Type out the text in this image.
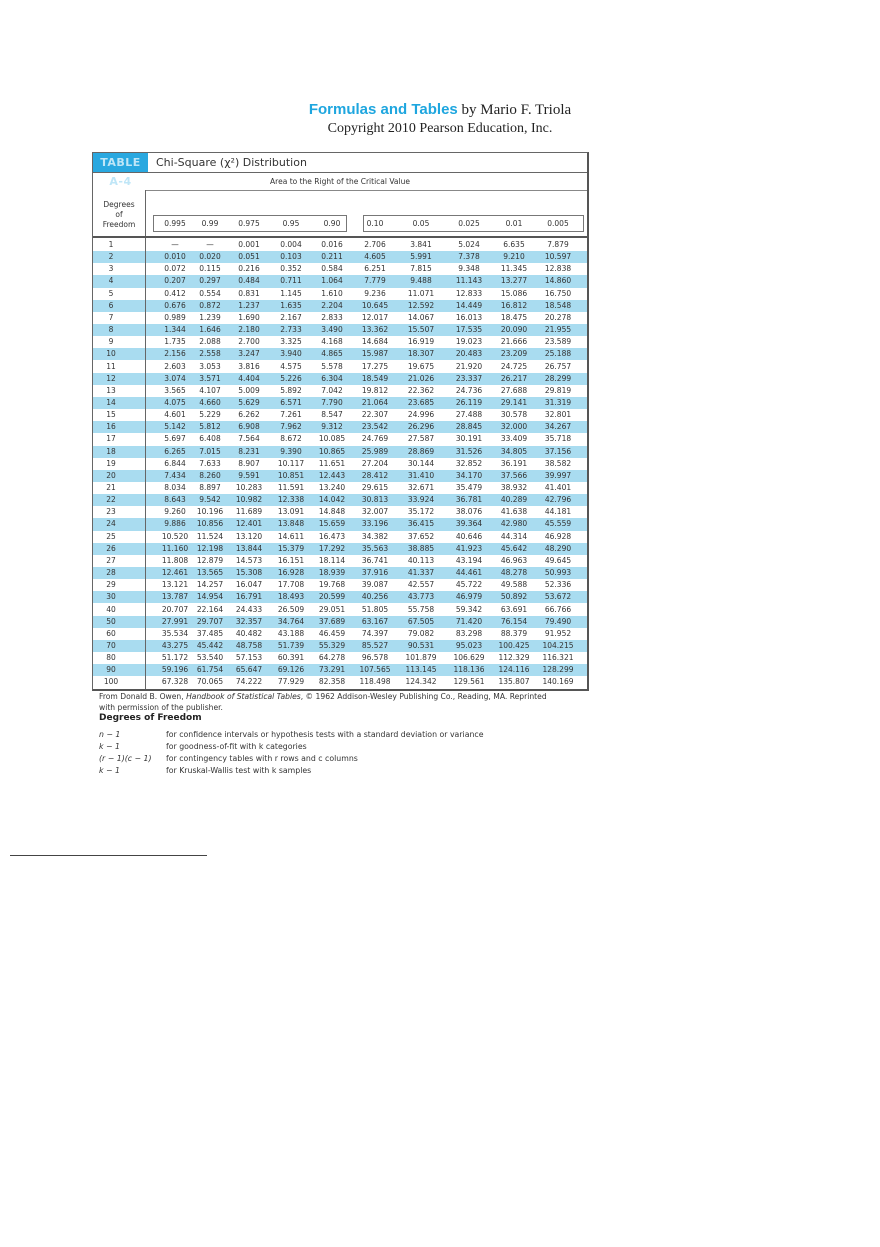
Formulas and Tables by Mario F. Triola
Copyright 2010 Pearson Education, Inc.
TABLE A-4
Chi-Square (χ²) Distribution
Area to the Right of the Critical Value
Degrees
of
Freedom	0.995	0.99	0.975	0.95	0.90	0.10	0.05	0.025	0.01	0.005
1	—	—	0.001	0.004	0.016	2.706	3.841	5.024	6.635	7.879
2	0.010	0.020	0.051	0.103	0.211	4.605	5.991	7.378	9.210	10.597
3	0.072	0.115	0.216	0.352	0.584	6.251	7.815	9.348	11.345	12.838
4	0.207	0.297	0.484	0.711	1.064	7.779	9.488	11.143	13.277	14.860
5	0.412	0.554	0.831	1.145	1.610	9.236	11.071	12.833	15.086	16.750
6	0.676	0.872	1.237	1.635	2.204	10.645	12.592	14.449	16.812	18.548
7	0.989	1.239	1.690	2.167	2.833	12.017	14.067	16.013	18.475	20.278
8	1.344	1.646	2.180	2.733	3.490	13.362	15.507	17.535	20.090	21.955
9	1.735	2.088	2.700	3.325	4.168	14.684	16.919	19.023	21.666	23.589
10	2.156	2.558	3.247	3.940	4.865	15.987	18.307	20.483	23.209	25.188
11	2.603	3.053	3.816	4.575	5.578	17.275	19.675	21.920	24.725	26.757
12	3.074	3.571	4.404	5.226	6.304	18.549	21.026	23.337	26.217	28.299
13	3.565	4.107	5.009	5.892	7.042	19.812	22.362	24.736	27.688	29.819
14	4.075	4.660	5.629	6.571	7.790	21.064	23.685	26.119	29.141	31.319
15	4.601	5.229	6.262	7.261	8.547	22.307	24.996	27.488	30.578	32.801
16	5.142	5.812	6.908	7.962	9.312	23.542	26.296	28.845	32.000	34.267
17	5.697	6.408	7.564	8.672	10.085	24.769	27.587	30.191	33.409	35.718
18	6.265	7.015	8.231	9.390	10.865	25.989	28.869	31.526	34.805	37.156
19	6.844	7.633	8.907	10.117	11.651	27.204	30.144	32.852	36.191	38.582
20	7.434	8.260	9.591	10.851	12.443	28.412	31.410	34.170	37.566	39.997
21	8.034	8.897	10.283	11.591	13.240	29.615	32.671	35.479	38.932	41.401
22	8.643	9.542	10.982	12.338	14.042	30.813	33.924	36.781	40.289	42.796
23	9.260	10.196	11.689	13.091	14.848	32.007	35.172	38.076	41.638	44.181
24	9.886	10.856	12.401	13.848	15.659	33.196	36.415	39.364	42.980	45.559
25	10.520	11.524	13.120	14.611	16.473	34.382	37.652	40.646	44.314	46.928
26	11.160	12.198	13.844	15.379	17.292	35.563	38.885	41.923	45.642	48.290
27	11.808	12.879	14.573	16.151	18.114	36.741	40.113	43.194	46.963	49.645
28	12.461	13.565	15.308	16.928	18.939	37.916	41.337	44.461	48.278	50.993
29	13.121	14.257	16.047	17.708	19.768	39.087	42.557	45.722	49.588	52.336
30	13.787	14.954	16.791	18.493	20.599	40.256	43.773	46.979	50.892	53.672
40	20.707	22.164	24.433	26.509	29.051	51.805	55.758	59.342	63.691	66.766
50	27.991	29.707	32.357	34.764	37.689	63.167	67.505	71.420	76.154	79.490
60	35.534	37.485	40.482	43.188	46.459	74.397	79.082	83.298	88.379	91.952
70	43.275	45.442	48.758	51.739	55.329	85.527	90.531	95.023	100.425	104.215
80	51.172	53.540	57.153	60.391	64.278	96.578	101.879	106.629	112.329	116.321
90	59.196	61.754	65.647	69.126	73.291	107.565	113.145	118.136	124.116	128.299
100	67.328	70.065	74.222	77.929	82.358	118.498	124.342	129.561	135.807	140.169
From Donald B. Owen, Handbook of Statistical Tables, © 1962 Addison-Wesley Publishing Co., Reading, MA. Reprinted
with permission of the publisher.
Degrees of Freedom
n − 1	for confidence intervals or hypothesis tests with a standard deviation or variance
k − 1	for goodness-of-fit with k categories
(r − 1)(c − 1) for contingency tables with r rows and c columns
k − 1	for Kruskal-Wallis test with k samples
